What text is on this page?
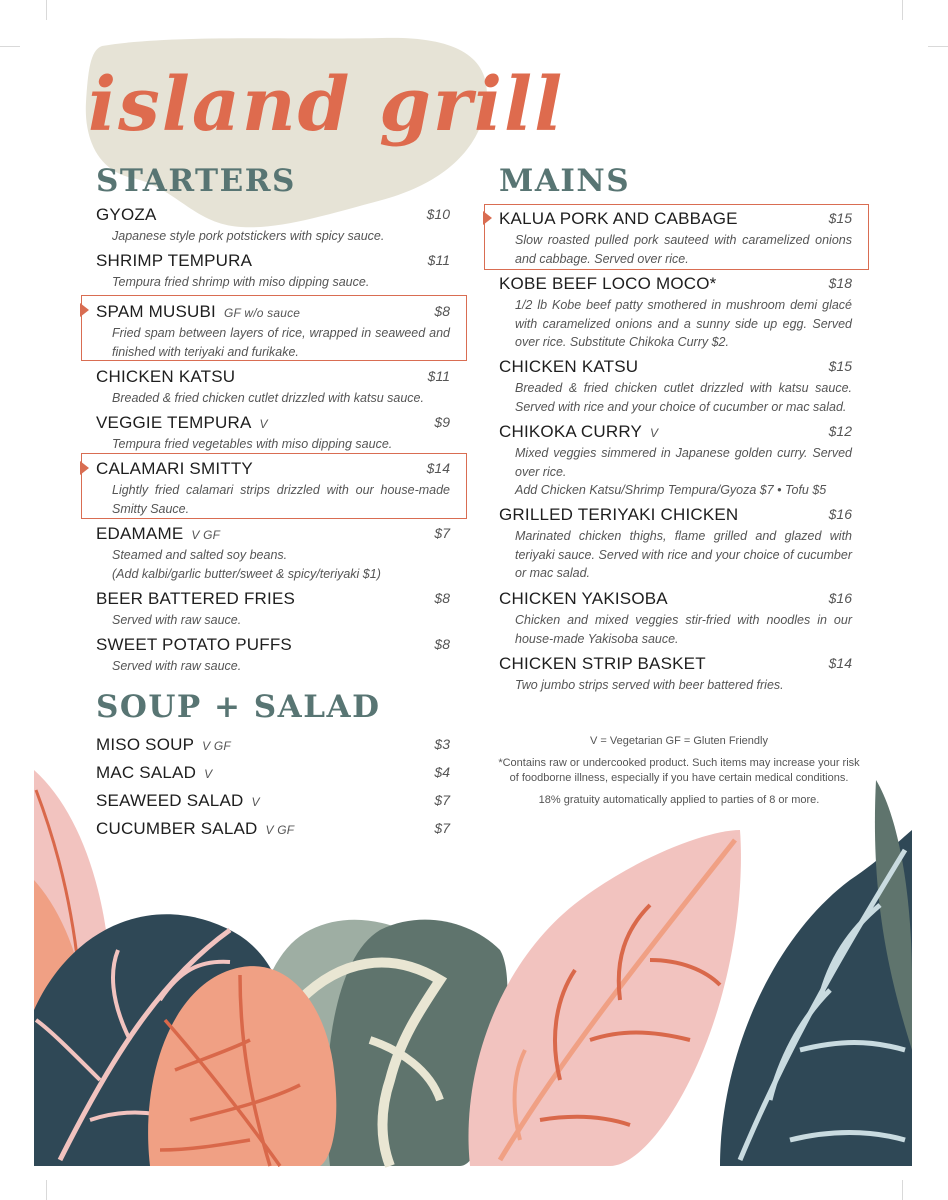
island grill
STARTERS
GYOZA	$10
Japanese style pork potstickers with spicy sauce.
SHRIMP TEMPURA	$11
Tempura fried shrimp with miso dipping sauce.
SPAM MUSUBI GF w/o sauce	$8
Fried spam between layers of rice, wrapped in seaweed and finished with teriyaki and furikake.
CHICKEN KATSU	$11
Breaded & fried chicken cutlet drizzled with katsu sauce.
VEGGIE TEMPURA V	$9
Tempura fried vegetables with miso dipping sauce.
CALAMARI SMITTY	$14
Lightly fried calamari strips drizzled with our house-made Smitty Sauce.
EDAMAME V GF	$7
Steamed and salted soy beans.
(Add kalbi/garlic butter/sweet & spicy/teriyaki $1)
BEER BATTERED FRIES	$8
Served with raw sauce.
SWEET POTATO PUFFS	$8
Served with raw sauce.
SOUP + SALAD
MISO SOUP V GF	$3
MAC SALAD V	$4
SEAWEED SALAD V	$7
CUCUMBER SALAD V GF	$7
MAINS
KALUA PORK AND CABBAGE	$15
Slow roasted pulled pork sauteed with caramelized onions and cabbage. Served over rice.
KOBE BEEF LOCO MOCO*	$18
1/2 lb Kobe beef patty smothered in mushroom demi glacé with caramelized onions and a sunny side up egg. Served over rice. Substitute Chikoka Curry $2.
CHICKEN KATSU	$15
Breaded & fried chicken cutlet drizzled with katsu sauce. Served with rice and your choice of cucumber or mac salad.
CHIKOKA CURRY V	$12
Mixed veggies simmered in Japanese golden curry. Served over rice.
Add Chicken Katsu/Shrimp Tempura/Gyoza $7 • Tofu $5
GRILLED TERIYAKI CHICKEN	$16
Marinated chicken thighs, flame grilled and glazed with teriyaki sauce. Served with rice and your choice of cucumber or mac salad.
CHICKEN YAKISOBA	$16
Chicken and mixed veggies stir-fried with noodles in our house-made Yakisoba sauce.
CHICKEN STRIP BASKET	$14
Two jumbo strips served with beer battered fries.
V = Vegetarian GF = Gluten Friendly
*Contains raw or undercooked product. Such items may increase your risk of foodborne illness, especially if you have certain medical conditions.
18% gratuity automatically applied to parties of 8 or more.
